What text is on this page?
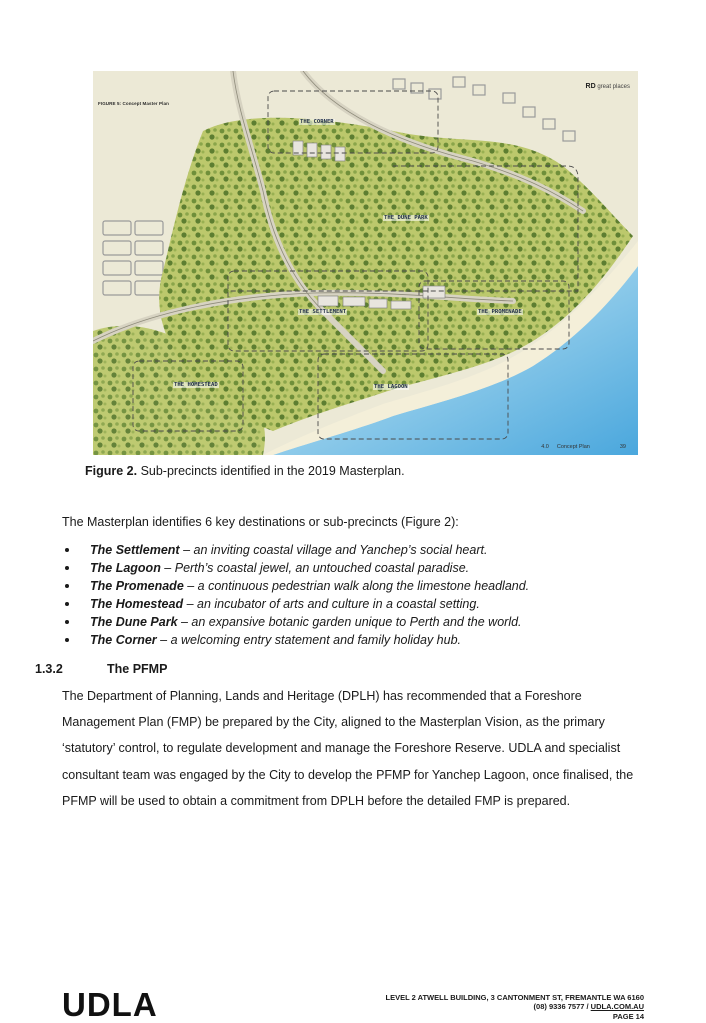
FIGURE 5: Concept Master Plan
RD great places
THE CORNER
THE DUNE PARK
THE SETTLEMENT	THE PROMENADE
THE HOMESTEAD	THE LAGOON
4.0 Concept Plan	39
Figure 2. Sub-precincts identified in the 2019 Masterplan.
The Masterplan identifies 6 key destinations or sub-precincts (Figure 2):
The Settlement – an inviting coastal village and Yanchep’s social heart.
The Lagoon – Perth’s coastal jewel, an untouched coastal paradise.
The Promenade – a continuous pedestrian walk along the limestone headland.
The Homestead – an incubator of arts and culture in a coastal setting.
The Dune Park – an expansive botanic garden unique to Perth and the world.
The Corner – a welcoming entry statement and family holiday hub.
1.3.2	The PFMP

The Department of Planning, Lands and Heritage (DPLH) has recommended that a Foreshore
Management Plan (FMP) be prepared by the City, aligned to the Masterplan Vision, as the primary
‘statutory’ control, to regulate development and manage the Foreshore Reserve. UDLA and specialist
consultant team was engaged by the City to develop the PFMP for Yanchep Lagoon, once finalised, the
PFMP will be used to obtain a commitment from DPLH before the detailed FMP is prepared.

UDLA	LEVEL 2 ATWELL BUILDING, 3 CANTONMENT ST, FREMANTLE WA 6160
(08) 9336 7577 / UDLA.COM.AU
PAGE 14
